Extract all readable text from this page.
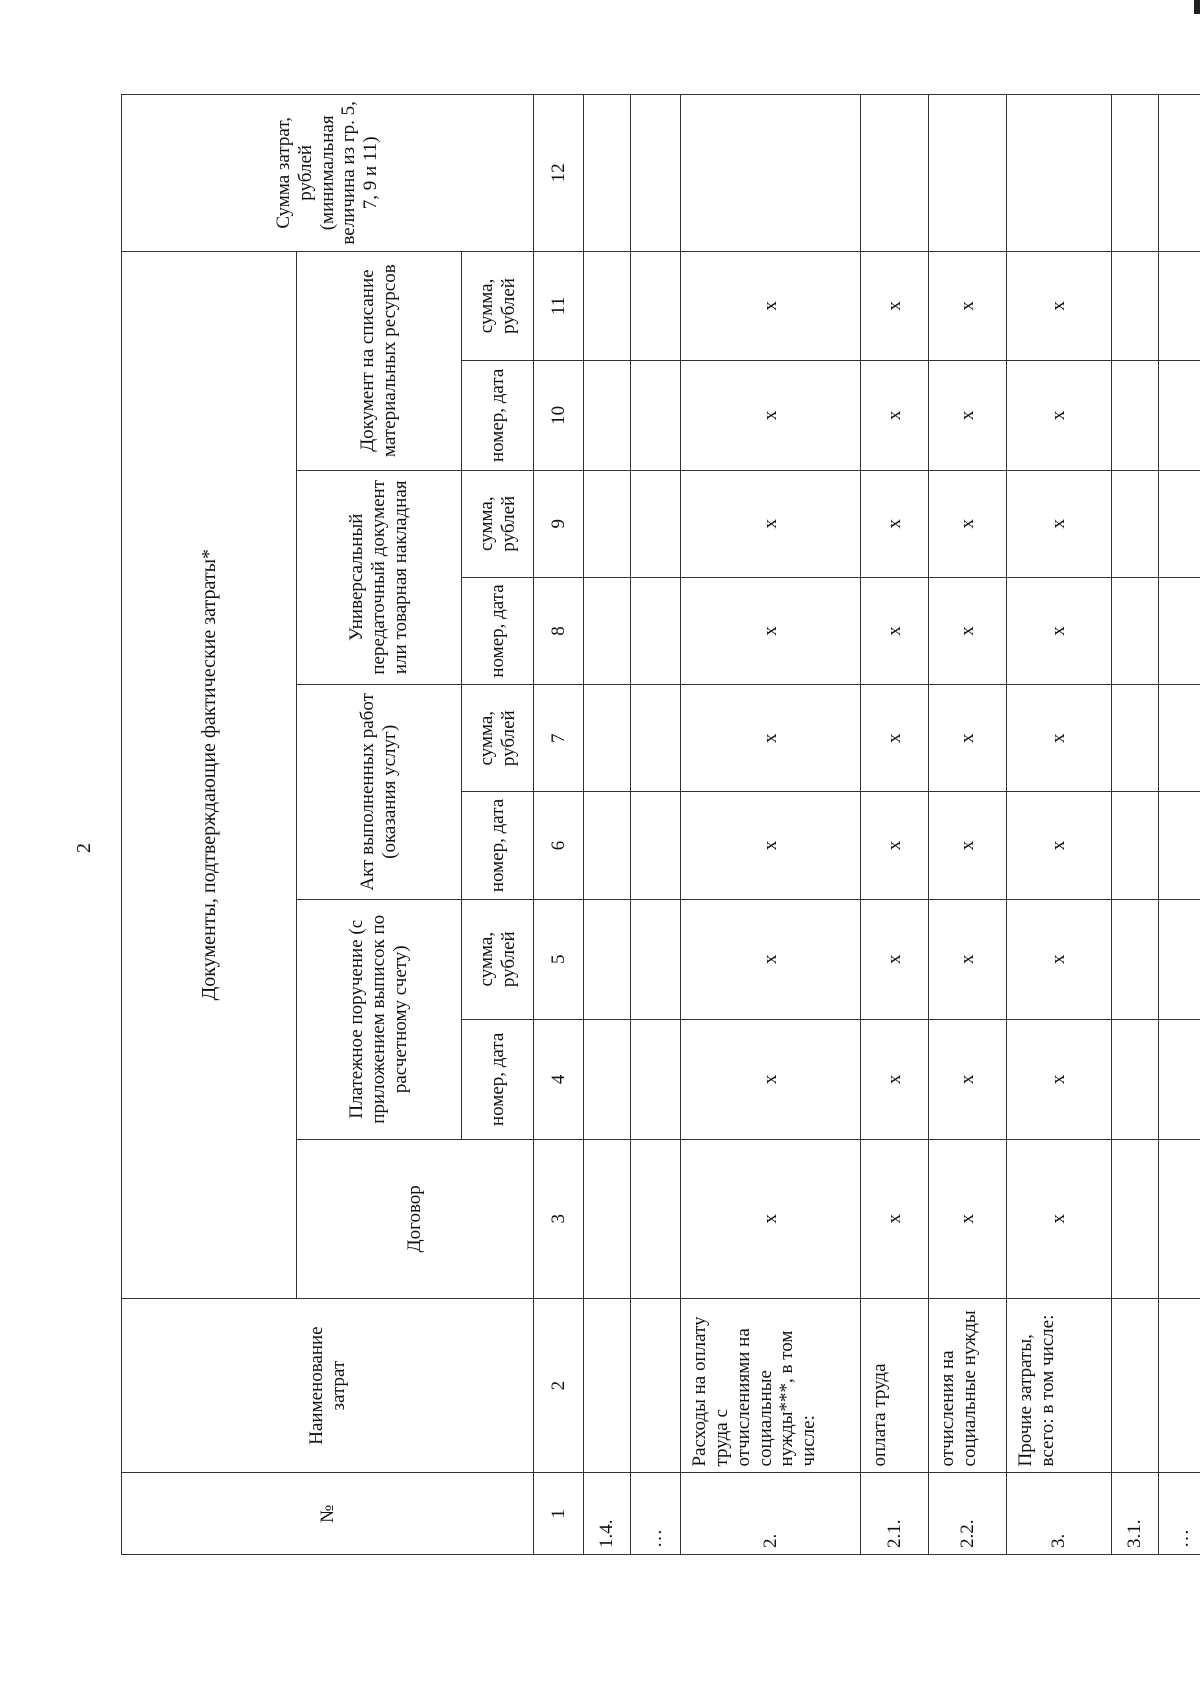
2
№	Наименование затрат	Документы, подтверждающие фактические затраты*									Сумма затрат, рублей (минимальная величина из гр. 5, 7, 9 и 11)
		Договор	Платежное поручение (с приложением выписок по расчетному счету)		Акт выполненных работ (оказания услуг)		Универсальный передаточный документ или товарная накладная		Документ на списание материальных ресурсов		
			номер, дата	сумма, рублей	номер, дата	сумма, рублей	номер, дата	сумма, рублей	номер, дата	сумма, рублей	
1	2	3	4	5	6	7	8	9	10	11	12
1.4.											
…											
2.	Расходы на оплату труда с отчислениями на социальные нужды***, в том числе:	х	х	х	х	х	х	х	х	х	
2.1.	оплата труда	х	х	х	х	х	х	х	х	х	
2.2.	отчисления на социальные нужды	х	х	х	х	х	х	х	х	х	
3.	Прочие затраты, всего: в том числе:	х	х	х	х	х	х	х	х	х	
3.1.											
…											
